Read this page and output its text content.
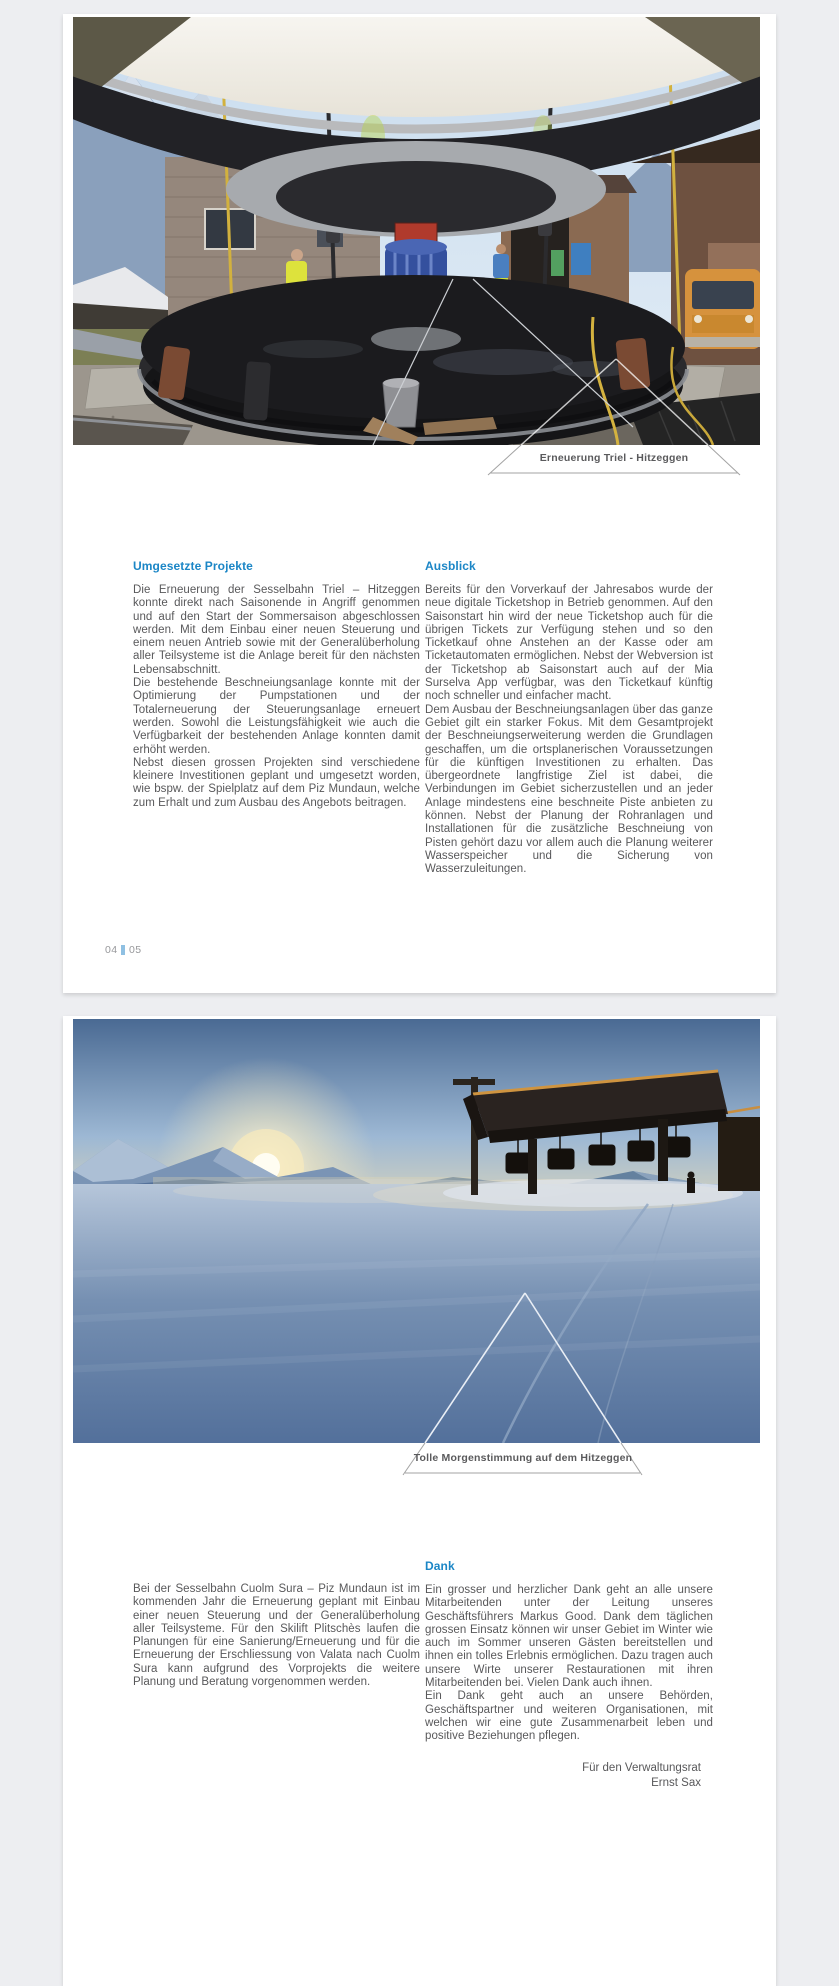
Erneuerung Triel - Hitzeggen
Umgesetzte Projekte

Die Erneuerung der Sesselbahn Triel – Hitzeggen konnte direkt nach Saisonende in Angriff genommen und auf den Start der Sommersaison abgeschlossen werden. Mit dem Einbau einer neuen Steuerung und einem neuen Antrieb sowie mit der Generalüberholung aller Teilsysteme ist die Anlage bereit für den nächsten Lebensabschnitt.

Die bestehende Beschneiungsanlage konnte mit der Optimierung der Pumpstationen und der Totalerneuerung der Steuerungsanlage erneuert werden. Sowohl die Leistungsfähigkeit wie auch die Verfügbarkeit der bestehenden Anlage konnten damit erhöht werden.

Nebst diesen grossen Projekten sind verschiedene kleinere Investitionen geplant und umgesetzt worden, wie bspw. der Spielplatz auf dem Piz Mundaun, welche zum Erhalt und zum Ausbau des Angebots beitragen.

Ausblick

Bereits für den Vorverkauf der Jahresabos wurde der neue digitale Ticketshop in Betrieb genommen. Auf den Saisonstart hin wird der neue Ticketshop auch für die übrigen Tickets zur Verfügung stehen und so den Ticketkauf ohne Anstehen an der Kasse oder am Ticketautomaten ermöglichen. Nebst der Webversion ist der Ticketshop ab Saisonstart auch auf der Mia Surselva App verfügbar, was den Ticketkauf künftig noch schneller und einfacher macht.

Dem Ausbau der Beschneiungsanlagen über das ganze Gebiet gilt ein starker Fokus. Mit dem Gesamtprojekt der Beschneiungserweiterung werden die Grundlagen geschaffen, um die ortsplanerischen Voraussetzungen für die künftigen Investitionen zu erhalten. Das übergeordnete langfristige Ziel ist dabei, die Verbindungen im Gebiet sicherzustellen und an jeder Anlage mindestens eine beschneite Piste anbieten zu können. Nebst der Planung der Rohranlagen und Installationen für die zusätzliche Beschneiung von Pisten gehört dazu vor allem auch die Planung weiterer Wasserspeicher und die Sicherung von Wasserzuleitungen.

04 05
Tolle Morgenstimmung auf dem Hitzeggen

Bei der Sesselbahn Cuolm Sura – Piz Mundaun ist im kommenden Jahr die Erneuerung geplant mit Einbau einer neuen Steuerung und der Generalüberholung aller Teilsysteme. Für den Skilift Plitschès laufen die Planungen für eine Sanierung/Erneuerung und für die Erneuerung der Erschliessung von Valata nach Cuolm Sura kann aufgrund des Vorprojekts die weitere Planung und Beratung vorgenommen werden.

Dank

Ein grosser und herzlicher Dank geht an alle unsere Mitarbeitenden unter der Leitung unseres Geschäftsführers Markus Good. Dank dem täglichen grossen Einsatz können wir unser Gebiet im Winter wie auch im Sommer unseren Gästen bereitstellen und ihnen ein tolles Erlebnis ermöglichen. Dazu tragen auch unsere Wirte unserer Restaurationen mit ihren Mitarbeitenden bei. Vielen Dank auch ihnen.

Ein Dank geht auch an unsere Behörden, Geschäftspartner und weiteren Organisationen, mit welchen wir eine gute Zusammenarbeit leben und positive Beziehungen pflegen.

Für den Verwaltungsrat
Ernst Sax
